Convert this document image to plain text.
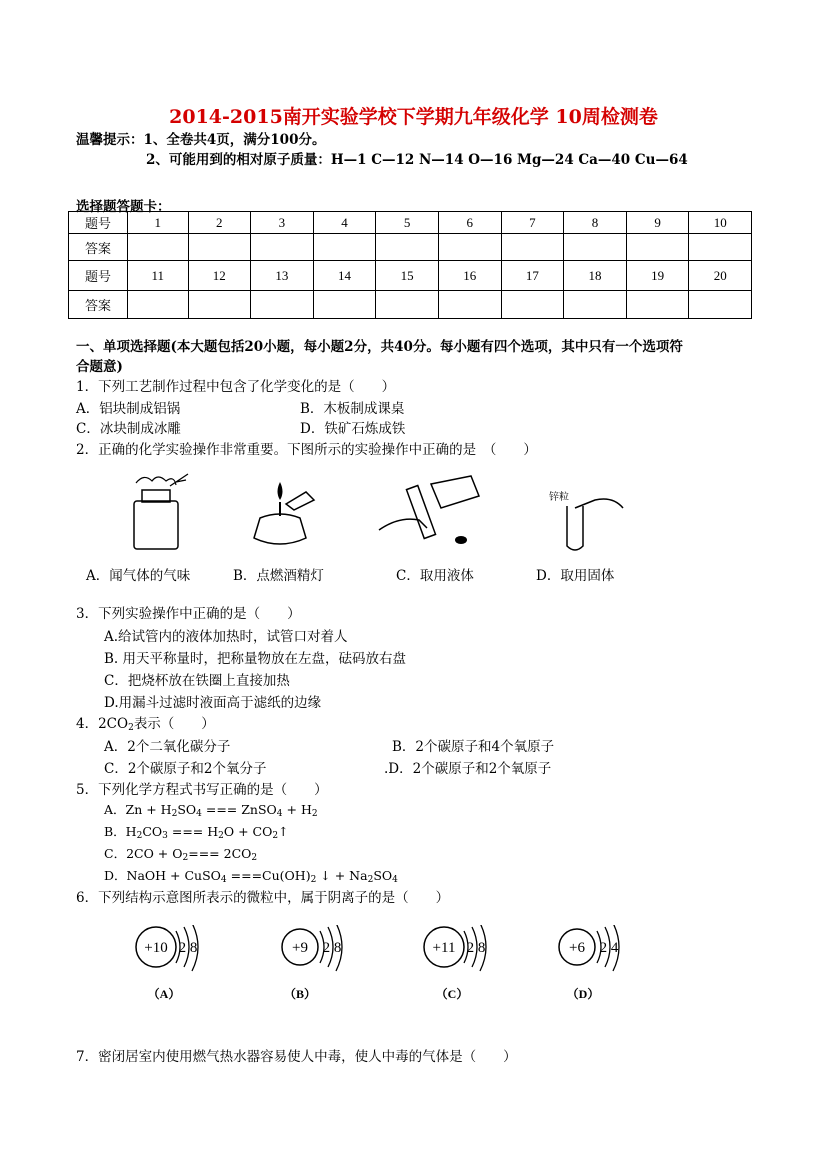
2014-2015南开实验学校下学期九年级化学 10周检测卷
温馨提示：1、全卷共4页，满分100分。
2、可能用到的相对原子质量：H—1 C—12 N—14 O—16 Mg—24 Ca—40 Cu—64
选择题答题卡：
题号	1	2	3	4	5	6	7	8	9	10
答案										
题号	11	12	13	14	15	16	17	18	19	20
答案										
一、单项选择题(本大题包括20小题，每小题2分，共40分。每小题有四个选项，其中只有一个选项符
合题意)
1．下列工艺制作过程中包含了化学变化的是（　　）
A．铝块制成铝锅	B．木板制成课桌
C．冰块制成冰雕	D．铁矿石炼成铁
2．正确的化学实验操作非常重要。下图所示的实验操作中正确的是　（　　）
锌粒
A．闻气体的气味	B．点燃酒精灯	C．取用液体	D．取用固体
3．下列实验操作中正确的是（　　）
A.给试管内的液体加热时，试管口对着人
B. 用天平称量时，把称量物放在左盘，砝码放右盘
C．把烧杯放在铁圈上直接加热
D.用漏斗过滤时液面高于滤纸的边缘
4．$2CO_2$表示（　　）
A．2个二氧化碳分子	B．2个碳原子和4个氧原子
C．2个碳原子和2个氧分子	.D．2个碳原子和2个氧原子
5．下列化学方程式书写正确的是（　　）
A．$Zn + H_2SO_4$ === ZnSO$_4$ + $H_2$
B．$H_2CO_3$ === $H_2O$ + $CO_2↑$
C．$2CO + O_2=== 2CO_2$
D．NaOH + CuSO$_4$ $===Cu(OH)_2$ ↓ + $Na_2SO_4$
6．下列结构示意图所表示的微粒中，属于阴离子的是（　　）
+10 2 8
（A）
+9 2 8
（B）
+11 2 8
（C）
+6 2 4
（D）
7．密闭居室内使用燃气热水器容易使人中毒，使人中毒的气体是（　　）
